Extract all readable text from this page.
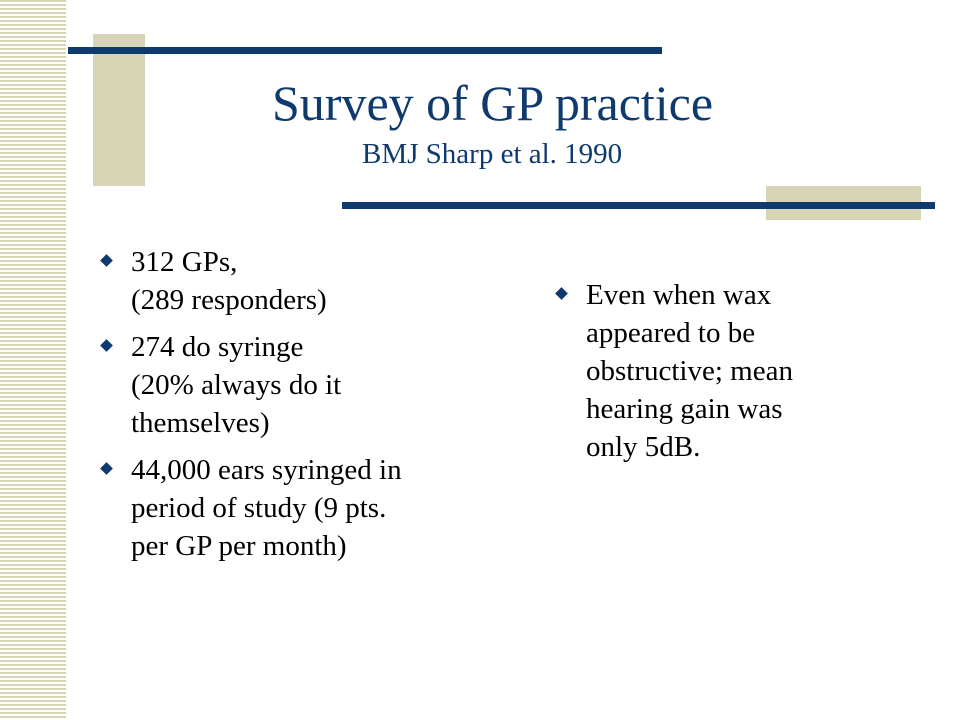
Survey of GP practice
BMJ Sharp et al. 1990
312 GPs,
(289 responders)
274 do syringe
(20% always do it
themselves)
44,000 ears syringed in
period of study (9 pts.
per GP per month)
Even when wax
appeared to be
obstructive; mean
hearing gain was
only 5dB.
